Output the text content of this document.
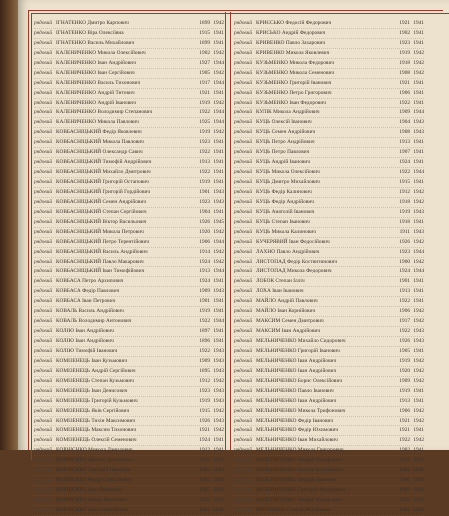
рядовий ІГНАТЕНКО Дмитро Карпович	1899 1942
рядовий ІГНАТЕНКО Віра Олексіївна	1915 1941
рядовий ІГНАТЕНКО Василь Михайлович	1899 1941
рядовий КАЛЕНИЧЕНКО Микола Олексійович	1902 1942
рядовий КАЛЕНИЧЕНКО Іван Андрійович	1927 1944
рядовий КАЛЕНИЧЕНКО Іван Сергійович	1905 1942
рядовий КАЛЕНИЧЕНКО Василь Тихонович	1917 1944
рядовий КАЛЕНИЧЕНКО Андрій Титович	1921 1941
рядовий КАЛЕНИЧЕНКО Андрій Іванович	1919 1942
рядовий КАЛЕНИЧЕНКО Володимир Степанович	1922 1944
рядовий КАЛЕНИЧЕНКО Микола Павлович	1925 1944
рядовий КОВБАСНІЦЬКИЙ Федір Яковлевич	1919 1942
рядовий КОВБАСНІЦЬКИЙ Микола Павлович	1923 1941
рядовий КОВБАСНІЦЬКИЙ Олександр Савич	1922 1941
рядовий КОВБАСНІЦЬКИЙ Тимофій Андрійович	1913 1941
рядовий КОВБАСНІЦЬКИЙ Михайло Дмитрович	1922 1941
рядовий КОВБАСНІЦЬКИЙ Григорій Остапович	1919 1941
рядовий КОВБАСНІЦЬКИЙ Григорій Гордійович	1901 1943
рядовий КОВБАСНІЦЬКИЙ Семен Андрійович	1923 1943
рядовий КОВБАСНІЦЬКИЙ Степан Сергійович	1904 1941
рядовий КОВБАСНІЦЬКИЙ Віктор Васильович	1926 1945
рядовий КОВБАСНІЦЬКИЙ Микола Петрович	1920 1942
рядовий КОВБАСНІЦЬКИЙ Петро Терентійович	1906 1944
рядовий КОВБАСНІЦЬКИЙ Василь Андрійович	1914 1942
рядовий КОВБАСНІЦЬКИЙ Павло Макарович	1924 1942
рядовий КОВБАСНІЦЬКИЙ Іван Тимофійович	1913 1944
рядовий КОВБАСА Петро Архипович	1924 1941
рядовий КОВБАСА Федір Павлович	1909 1943
рядовий КОВБАСА Іван Петрович	1901 1941
рядовий КОВАЛЬ Василь Андрійович	1919 1941
рядовий КОВАЛЬ Володимир Антонович	1922 1944
рядовий КОЛІЮ Іван Андрійович	1897 1941
рядовий КОЛІЮ Іван Андрійович	1896 1941
рядовий КОЛІЮ Тимофій Іванович	1922 1943
рядовий КОМІЗЕНЕЦЬ Іван Кузьмович	1909 1943
рядовий КОМІЗЕНЕЦЬ Андрій Сергійович	1895 1943
рядовий КОМІЗЕНЕЦЬ Степан Кузьмович	1912 1942
рядовий КОМІЗЕНЕЦЬ Іван Денисович	1923 1943
рядовий КОМІЗЕНЕЦЬ Григорій Кузьмович	1919 1943
рядовий КОМІЗЕНЕЦЬ Яків Сергійович	1915 1942
рядовий КОМІЗЕНЕЦЬ Тихін Максимович	1926 1943
рядовий КОМІЗЕНЕЦЬ Максим Тихонович	1921 1942
рядовий КОМІЗЕНЕЦЬ Олексій Семенович	1924 1941
рядовий КОРНІЄНКО Микола Данилович	1912 1941
рядовий КОРНІЄНКО Данило Демидович	1914 1943
рядовий КОРНІЄНКО Григорій Іванович	1925 1944
рядовий КОРНІЄНКО Федір Олексійович	1902 1942
рядовий КОРНІЄНКО Іван Яремович	1905 1942
рядовий КОРНІЄНКО Павло Яремович	1912 1943
рядовий КОРНІЄНКО Іван Олексійович	1913 1941
рядовий КРИЄСЬКО Федосій Федорович	1921 1941
рядовий КРИСЬКО Андрій Федорович	1902 1941
рядовий КРИВЕНКО Павло Захарович	1923 1941
рядовий КРИВЕНКО Микола Яковлевич	1919 1942
рядовий КУЗЬМЕНКО Микола Федорович	1918 1942
рядовий КУЗЬМЕНКО Микола Семенович	1908 1942
рядовий КУЗЬМЕНКО Григорій Іванович	1921 1941
рядовий КУЗЬМЕНКО Петро Григорович	1906 1941
рядовий КУЗЬМЕНКО Іван Федорович	1922 1941
рядовий КУЛІК Микола Андрійович	1909 1944
рядовий КУЦЬ Олексій Іванович	1904 1943
рядовий КУЦЬ Семен Андрійович	1908 1943
рядовий КУЦЬ Петро Андрійович	1913 1941
рядовий КУЦЬ Петро Павлович	1907 1941
рядовий КУЦЬ Андрій Іванович	1924 1941
рядовий КУЦЬ Микола Олексійович	1922 1944
рядовий КУЦЬ Дмитро Михайлович	1915 1941
рядовий КУЦЬ Федір Калинович	1912 1942
рядовий КУЦЬ Федір Андрійович	1918 1942
рядовий КУЦЬ Анатолій Іванович	1919 1943
рядовий КУЦЬ Степан Іванович	1918 1941
рядовий КУЦЬ Микола Калинович	1911 1943
рядовий КУЧЕРЯВИЙ Іван Федосійович	1926 1942
рядовий ЛАХНО Павло Андрійович	1923 1944
рядовий ЛИСТОПАД Федір Костянтинович	1900 1942
рядовий ЛИСТОПАД Микола Федорович	1924 1944
рядовий ЛОБОК Степан Ілліч	1901 1941
рядовий ЛОХА Іван Іванович	1913 1941
рядовий МАЙЛО Андрій Павлович	1922 1941
рядовий МАЙЛО Іван Корнійович	1906 1942
рядовий МАКСИМ Семен Дмитрович	1917 1942
рядовий МАКСИМ Іван Андрійович	1922 1943
рядовий МЕЛЬНИЧЕНКО Михайло Сидорович	1926 1943
рядовий МЕЛЬНИЧЕНКО Григорій Іванович	1905 1941
рядовий МЕЛЬНИЧЕНКО Іван Андрійович	1919 1942
рядовий МЕЛЬНИЧЕНКО Іван Андрійович	1920 1942
рядовий МЕЛЬНИЧЕНКО Борис Олексійович	1909 1942
рядовий МЕЛЬНИЧЕНКО Павло Іванович	1919 1941
рядовий МЕЛЬНИЧЕНКО Іван Андрійович	1913 1941
рядовий МЕЛЬНИЧЕНКО Микола Трифонович	1906 1942
рядовий МЕЛЬНИЧЕНКО Федір Іванович	1921 1942
рядовий МЕЛЬНИЧЕНКО Федір Юхимович	1921 1941
рядовий МЕЛЬНИЧЕНКО Іван Михайлович	1922 1942
рядовий МЕЛЬНИЧЕНКО Микола Григорович	1902 1941
рядовий МЕЛЬНИЧЕНКО Андрій Сидорович	1919 1943
рядовий МЕЛЬНИЧЕНКО Василь Васильович	1926 1941
рядовий МЕЛЬНИЧЕНКО Андрій Іванович	1906 1943
рядовий МЕЛЬНИЧЕНКО Григорій Федорович	1906 1941
рядовий МЕЛЬНИЧЕНКО Андрій Федорович	1913 1941
рядовий МИРОНЕЦЬ Степан Федорович	1906 1942
